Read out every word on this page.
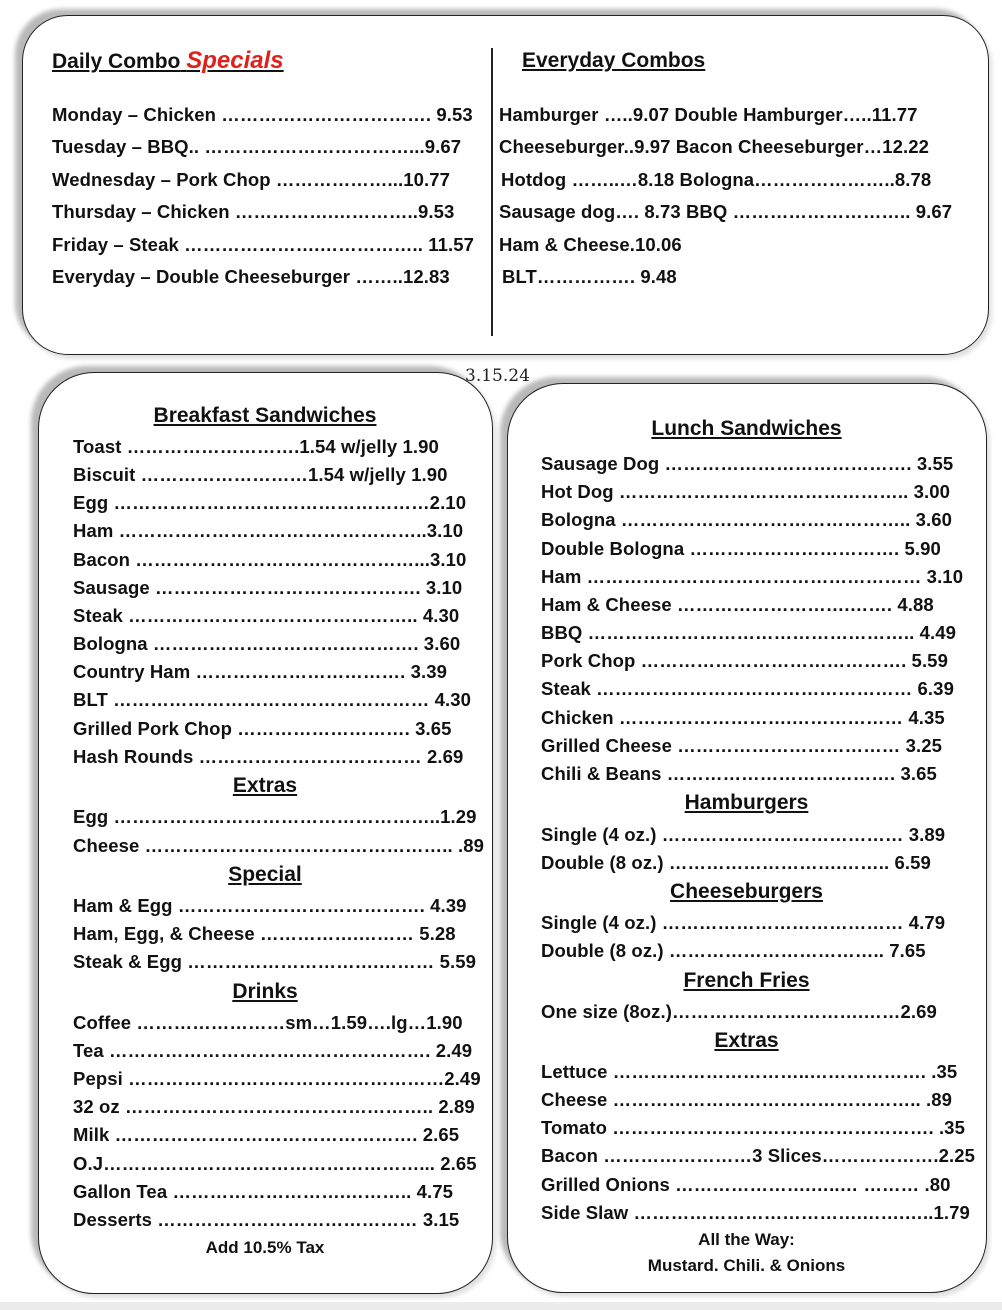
Daily Combo Specials
Monday – Chicken ……………………………. 9.53
Tuesday – BBQ.. ……………………………...9.67
Wednesday – Pork Chop ………………...10.77
Thursday – Chicken …………….…………..9.53
Friday – Steak ………………….…………….. 11.57
Everyday – Double Cheeseburger ……..12.83
Everyday Combos
Hamburger …..9.07 Double Hamburger…..11.77
Cheeseburger..9.97 Bacon Cheeseburger…12.22
Hotdog ……..…8.18 Bologna…………………..8.78
Sausage dog…. 8.73 BBQ ……………………….. 9.67
Ham & Cheese.10.06
BLT……………. 9.48
3.15.24
Breakfast Sandwiches
Toast ……………………….1.54 w/jelly 1.90
Biscuit ………………………1.54 w/jelly 1.90
Egg ……………………………………………2.10
Ham …………………………………………..3.10
Bacon ………………………………………...3.10
Sausage ……………………………………. 3.10
Steak ……………………………………….. 4.30
Bologna ……………………………………. 3.60
Country Ham ……………………………. 3.39
BLT …………………………………………… 4.30
Grilled Pork Chop ………………………. 3.65
Hash Rounds ……………………………… 2.69
Extras
Egg ……………………………………………..1.29
Cheese ………………………………………….. .89
Special
Ham & Egg …………………………………. 4.39
Ham, Egg, & Cheese …………….……… 5.28
Steak & Egg ………………………….……… 5.59
Drinks
Coffee ……………………sm…1.59….lg…1.90
Tea ……………………………………………. 2.49
Pepsi ……………………………………………2.49
32 oz ………………………………………….. 2.89
Milk …………………………………………. 2.65
O.J……………………………………………... 2.65
Gallon Tea ……………………….……….. 4.75
Desserts …………………………………… 3.15
Add 10.5% Tax
Lunch Sandwiches
Sausage Dog …………………………………. 3.55
Hot Dog ……………………………………….. 3.00
Bologna ……………………………………….. 3.60
Double Bologna ……………………………. 5.90
Ham ……………………………………………… 3.10
Ham & Cheese ……………………….……. 4.88
BBQ …………………………………………….. 4.49
Pork Chop ……………………………………. 5.59
Steak …………………………………………… 6.39
Chicken ……………………….……………… 4.35
Grilled Cheese ……………………………… 3.25
Chili & Beans ………………………………. 3.65
Hamburgers
Single (4 oz.) ………………………………… 3.89
Double (8 oz.) ……………………….…….. 6.59
Cheeseburgers
Single (4 oz.) ………………………………… 4.79
Double (8 oz.) …………………………….. 7.65
French Fries
One size (8oz.)………………………….……2.69
Extras
Lettuce …………………………..………………. .35
Cheese ………………………………………….. .89
Tomato ……………………………………………. .35
Bacon ……………………3 Slices……………….2.25
Grilled Onions ………………….…..… ……… .80
Side Slaw ……………………………….…….…..1.79
All the Way:
Mustard. Chili. & Onions
